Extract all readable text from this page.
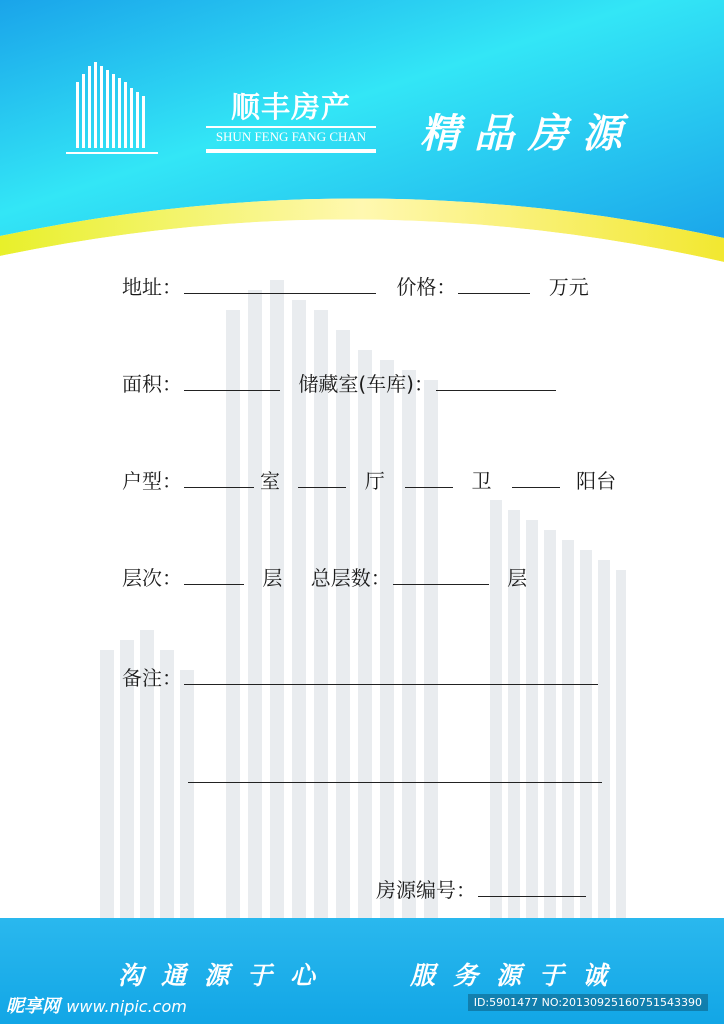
顺丰房产
SHUN FENG FANG CHAN 精品房源
地址：	价格：	万元
面积：	储藏室(车库)：
户型：	室	厅	卫	阳台
层次：	层 总层数：	层
备注：
房源编号：
沟通源于心	服务源于诚
昵享网 www.nipic.com	ID:5901477 NO:20130925160751543390
